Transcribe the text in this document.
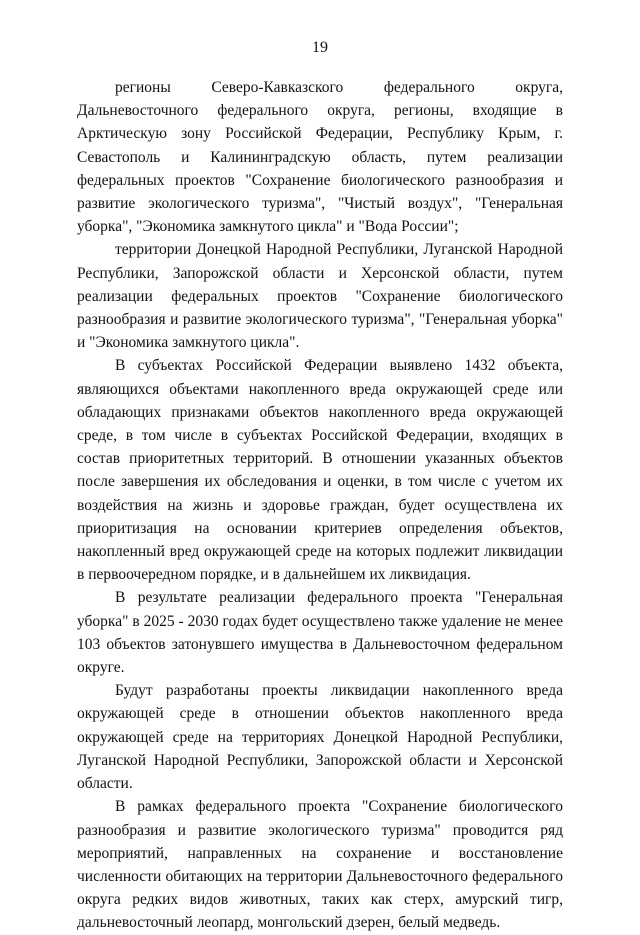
19

регионы Северо-Кавказского федерального округа, Дальневосточного федерального округа, регионы, входящие в Арктическую зону Российской Федерации, Республику Крым, г. Севастополь и Калининградскую область, путем реализации федеральных проектов "Сохранение биологического разнообразия и развитие экологического туризма", "Чистый воздух", "Генеральная уборка", "Экономика замкнутого цикла" и "Вода России";

территории Донецкой Народной Республики, Луганской Народной Республики, Запорожской области и Херсонской области, путем реализации федеральных проектов "Сохранение биологического разнообразия и развитие экологического туризма", "Генеральная уборка" и "Экономика замкнутого цикла".

В субъектах Российской Федерации выявлено 1432 объекта, являющихся объектами накопленного вреда окружающей среде или обладающих признаками объектов накопленного вреда окружающей среде, в том числе в субъектах Российской Федерации, входящих в состав приоритетных территорий. В отношении указанных объектов после завершения их обследования и оценки, в том числе с учетом их воздействия на жизнь и здоровье граждан, будет осуществлена их приоритизация на основании критериев определения объектов, накопленный вред окружающей среде на которых подлежит ликвидации в первоочередном порядке, и в дальнейшем их ликвидация.

В результате реализации федерального проекта "Генеральная уборка" в 2025 - 2030 годах будет осуществлено также удаление не менее 103 объектов затонувшего имущества в Дальневосточном федеральном округе.

Будут разработаны проекты ликвидации накопленного вреда окружающей среде в отношении объектов накопленного вреда окружающей среде на территориях Донецкой Народной Республики, Луганской Народной Республики, Запорожской области и Херсонской области.

В рамках федерального проекта "Сохранение биологического разнообразия и развитие экологического туризма" проводится ряд мероприятий, направленных на сохранение и восстановление численности обитающих на территории Дальневосточного федерального округа редких видов животных, таких как стерх, амурский тигр, дальневосточный леопард, монгольский дзерен, белый медведь.
